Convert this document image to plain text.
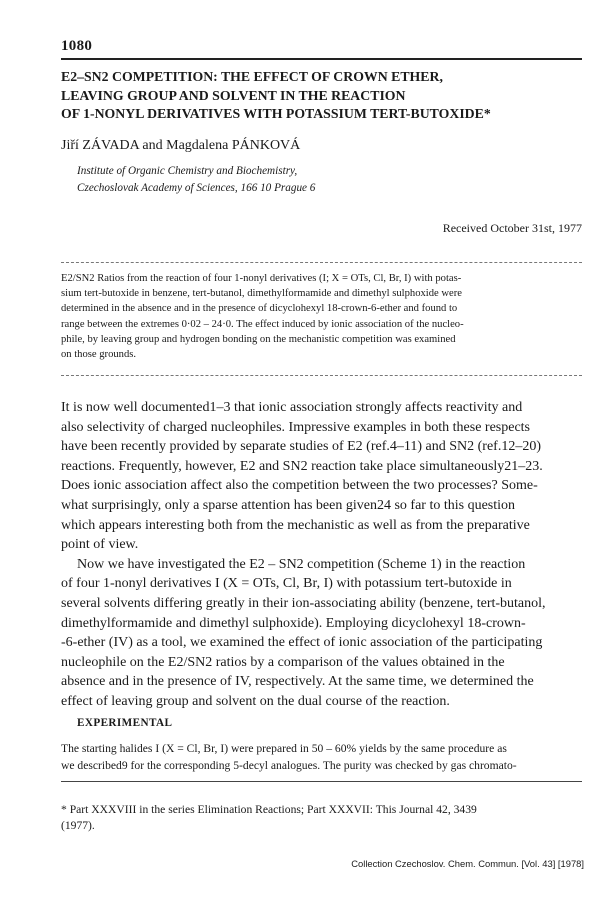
1080
E2–SN2 COMPETITION: THE EFFECT OF CROWN ETHER,
LEAVING GROUP AND SOLVENT IN THE REACTION
OF 1-NONYL DERIVATIVES WITH POTASSIUM TERT-BUTOXIDE*
Jiří ZÁVADA and Magdalena PÁNKOVÁ
Institute of Organic Chemistry and Biochemistry,
Czechoslovak Academy of Sciences, 166 10 Prague 6
Received October 31st, 1977
E2/SN2 Ratios from the reaction of four 1-nonyl derivatives (I; X = OTs, Cl, Br, I) with potas-
sium tert-butoxide in benzene, tert-butanol, dimethylformamide and dimethyl sulphoxide were
determined in the absence and in the presence of dicyclohexyl 18-crown-6-ether and found to
range between the extremes 0·02 – 24·0. The effect induced by ionic association of the nucleo-
phile, by leaving group and hydrogen bonding on the mechanistic competition was examined
on those grounds.
It is now well documented1–3 that ionic association strongly affects reactivity and
also selectivity of charged nucleophiles. Impressive examples in both these respects
have been recently provided by separate studies of E2 (ref.4–11) and SN2 (ref.12–20)
reactions. Frequently, however, E2 and SN2 reaction take place simultaneously21–23.
Does ionic association affect also the competition between the two processes? Some-
what surprisingly, only a sparse attention has been given24 so far to this question
which appears interesting both from the mechanistic as well as from the preparative
point of view.
Now we have investigated the E2 – SN2 competition (Scheme 1) in the reaction
of four 1-nonyl derivatives I (X = OTs, Cl, Br, I) with potassium tert-butoxide in
several solvents differing greatly in their ion-associating ability (benzene, tert-butanol,
dimethylformamide and dimethyl sulphoxide). Employing dicyclohexyl 18-crown-
-6-ether (IV) as a tool, we examined the effect of ionic association of the participating
nucleophile on the E2/SN2 ratios by a comparison of the values obtained in the
absence and in the presence of IV, respectively. At the same time, we determined the
effect of leaving group and solvent on the dual course of the reaction.
EXPERIMENTAL
The starting halides I (X = Cl, Br, I) were prepared in 50 – 60% yields by the same procedure as
we described9 for the corresponding 5-decyl analogues. The purity was checked by gas chromato-
* Part XXXVIII in the series Elimination Reactions; Part XXXVII: This Journal 42, 3439
(1977).
Collection Czechoslov. Chem. Commun. [Vol. 43] [1978]
